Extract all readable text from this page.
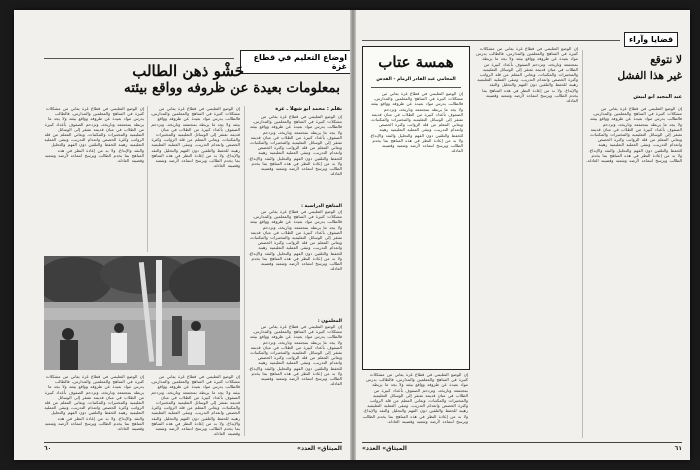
اوضاع التعليم في قطاع غزة
حَشْو ذهن الطالب
بمعلومات بعيدة عن ظروفه وواقع بيئته
إن الوضع التعليمي في قطاع غزة يعاني من مشكلات كثيرة في المناهج والمعلمين والمدارس، فالطالب يدرس مواد بعيدة عن ظروفه وواقع بيئته ولا يجد ما يربطه بمجتمعه وتاريخه، وتزدحم الصفوف بأعداد كبيرة من الطلاب في مبان قديمة تفتقر إلى الوسائل التعليمية والمختبرات والمكتبات، ويعاني المعلم من قلة الرواتب وكثرة الحصص وانعدام التدريب، وتبقى العملية التعليمية رهينة للحفظ والتلقين دون الفهم والتحليل والنقد والإبداع. ولا بد من إعادة النظر في هذه المناهج بما يخدم الطالب ويرسخ انتماءه لأرضه وشعبه وقضيته العادلة.
إن الوضع التعليمي في قطاع غزة يعاني من مشكلات كثيرة في المناهج والمعلمين والمدارس، فالطالب يدرس مواد بعيدة عن ظروفه وواقع بيئته ولا يجد ما يربطه بمجتمعه وتاريخه، وتزدحم الصفوف بأعداد كبيرة من الطلاب في مبان قديمة تفتقر إلى الوسائل التعليمية والمختبرات والمكتبات، ويعاني المعلم من قلة الرواتب وكثرة الحصص وانعدام التدريب، وتبقى العملية التعليمية رهينة للحفظ والتلقين دون الفهم والتحليل والنقد والإبداع. ولا بد من إعادة النظر في هذه المناهج بما يخدم الطالب ويرسخ انتماءه لأرضه وشعبه وقضيته العادلة.
بقلم : محمد ابو شهلا ـ غزة
إن الوضع التعليمي في قطاع غزة يعاني من مشكلات كثيرة في المناهج والمعلمين والمدارس، فالطالب يدرس مواد بعيدة عن ظروفه وواقع بيئته ولا يجد ما يربطه بمجتمعه وتاريخه، وتزدحم الصفوف بأعداد كبيرة من الطلاب في مبان قديمة تفتقر إلى الوسائل التعليمية والمختبرات والمكتبات، ويعاني المعلم من قلة الرواتب وكثرة الحصص وانعدام التدريب، وتبقى العملية التعليمية رهينة للحفظ والتلقين دون الفهم والتحليل والنقد والإبداع. ولا بد من إعادة النظر في هذه المناهج بما يخدم الطالب ويرسخ انتماءه لأرضه وشعبه وقضيته العادلة.
المناهج الدراسية :
إن الوضع التعليمي في قطاع غزة يعاني من مشكلات كثيرة في المناهج والمعلمين والمدارس، فالطالب يدرس مواد بعيدة عن ظروفه وواقع بيئته ولا يجد ما يربطه بمجتمعه وتاريخه، وتزدحم الصفوف بأعداد كبيرة من الطلاب في مبان قديمة تفتقر إلى الوسائل التعليمية والمختبرات والمكتبات، ويعاني المعلم من قلة الرواتب وكثرة الحصص وانعدام التدريب، وتبقى العملية التعليمية رهينة للحفظ والتلقين دون الفهم والتحليل والنقد والإبداع. ولا بد من إعادة النظر في هذه المناهج بما يخدم الطالب ويرسخ انتماءه لأرضه وشعبه وقضيته العادلة.
المعلمون :
إن الوضع التعليمي في قطاع غزة يعاني من مشكلات كثيرة في المناهج والمعلمين والمدارس، فالطالب يدرس مواد بعيدة عن ظروفه وواقع بيئته ولا يجد ما يربطه بمجتمعه وتاريخه، وتزدحم الصفوف بأعداد كبيرة من الطلاب في مبان قديمة تفتقر إلى الوسائل التعليمية والمختبرات والمكتبات، ويعاني المعلم من قلة الرواتب وكثرة الحصص وانعدام التدريب، وتبقى العملية التعليمية رهينة للحفظ والتلقين دون الفهم والتحليل والنقد والإبداع. ولا بد من إعادة النظر في هذه المناهج بما يخدم الطالب ويرسخ انتماءه لأرضه وشعبه وقضيته العادلة.
إن الوضع التعليمي في قطاع غزة يعاني من مشكلات كثيرة في المناهج والمعلمين والمدارس، فالطالب يدرس مواد بعيدة عن ظروفه وواقع بيئته ولا يجد ما يربطه بمجتمعه وتاريخه، وتزدحم الصفوف بأعداد كبيرة من الطلاب في مبان قديمة تفتقر إلى الوسائل التعليمية والمختبرات والمكتبات، ويعاني المعلم من قلة الرواتب وكثرة الحصص وانعدام التدريب، وتبقى العملية التعليمية رهينة للحفظ والتلقين دون الفهم والتحليل والنقد والإبداع. ولا بد من إعادة النظر في هذه المناهج بما يخدم الطالب ويرسخ انتماءه لأرضه وشعبه وقضيته العادلة.
إن الوضع التعليمي في قطاع غزة يعاني من مشكلات كثيرة في المناهج والمعلمين والمدارس، فالطالب يدرس مواد بعيدة عن ظروفه وواقع بيئته ولا يجد ما يربطه بمجتمعه وتاريخه، وتزدحم الصفوف بأعداد كبيرة من الطلاب في مبان قديمة تفتقر إلى الوسائل التعليمية والمختبرات والمكتبات، ويعاني المعلم من قلة الرواتب وكثرة الحصص وانعدام التدريب، وتبقى العملية التعليمية رهينة للحفظ والتلقين دون الفهم والتحليل والنقد والإبداع. ولا بد من إعادة النظر في هذه المناهج بما يخدم الطالب ويرسخ انتماءه لأرضه وشعبه وقضيته العادلة.
٦٠	«الميثاق» العدد
قضايا وآراء
لا نتوقع
غير هذا الفشل
عبد المجيد ابو لبيش
إن الوضع التعليمي في قطاع غزة يعاني من مشكلات كثيرة في المناهج والمعلمين والمدارس، فالطالب يدرس مواد بعيدة عن ظروفه وواقع بيئته ولا يجد ما يربطه بمجتمعه وتاريخه، وتزدحم الصفوف بأعداد كبيرة من الطلاب في مبان قديمة تفتقر إلى الوسائل التعليمية والمختبرات والمكتبات، ويعاني المعلم من قلة الرواتب وكثرة الحصص وانعدام التدريب، وتبقى العملية التعليمية رهينة للحفظ والتلقين دون الفهم والتحليل والنقد والإبداع. ولا بد من إعادة النظر في هذه المناهج بما يخدم الطالب ويرسخ انتماءه لأرضه وشعبه وقضيته العادلة.
إن الوضع التعليمي في قطاع غزة يعاني من مشكلات كثيرة في المناهج والمعلمين والمدارس، فالطالب يدرس مواد بعيدة عن ظروفه وواقع بيئته ولا يجد ما يربطه بمجتمعه وتاريخه، وتزدحم الصفوف بأعداد كبيرة من الطلاب في مبان قديمة تفتقر إلى الوسائل التعليمية والمختبرات والمكتبات، ويعاني المعلم من قلة الرواتب وكثرة الحصص وانعدام التدريب، وتبقى العملية التعليمية رهينة للحفظ والتلقين دون الفهم والتحليل والنقد والإبداع. ولا بد من إعادة النظر في هذه المناهج بما يخدم الطالب ويرسخ انتماءه لأرضه وشعبه وقضيته العادلة.
همسة عتاب
المحامي عبد القادر الزمام - القدس
إن الوضع التعليمي في قطاع غزة يعاني من مشكلات كثيرة في المناهج والمعلمين والمدارس، فالطالب يدرس مواد بعيدة عن ظروفه وواقع بيئته ولا يجد ما يربطه بمجتمعه وتاريخه، وتزدحم الصفوف بأعداد كبيرة من الطلاب في مبان قديمة تفتقر إلى الوسائل التعليمية والمختبرات والمكتبات، ويعاني المعلم من قلة الرواتب وكثرة الحصص وانعدام التدريب، وتبقى العملية التعليمية رهينة للحفظ والتلقين دون الفهم والتحليل والنقد والإبداع. ولا بد من إعادة النظر في هذه المناهج بما يخدم الطالب ويرسخ انتماءه لأرضه وشعبه وقضيته العادلة.
إن الوضع التعليمي في قطاع غزة يعاني من مشكلات كثيرة في المناهج والمعلمين والمدارس، فالطالب يدرس مواد بعيدة عن ظروفه وواقع بيئته ولا يجد ما يربطه بمجتمعه وتاريخه، وتزدحم الصفوف بأعداد كبيرة من الطلاب في مبان قديمة تفتقر إلى الوسائل التعليمية والمختبرات والمكتبات، ويعاني المعلم من قلة الرواتب وكثرة الحصص وانعدام التدريب، وتبقى العملية التعليمية رهينة للحفظ والتلقين دون الفهم والتحليل والنقد والإبداع. ولا بد من إعادة النظر في هذه المناهج بما يخدم الطالب ويرسخ انتماءه لأرضه وشعبه وقضيته العادلة.
«الميثاق» العدد	٦١
